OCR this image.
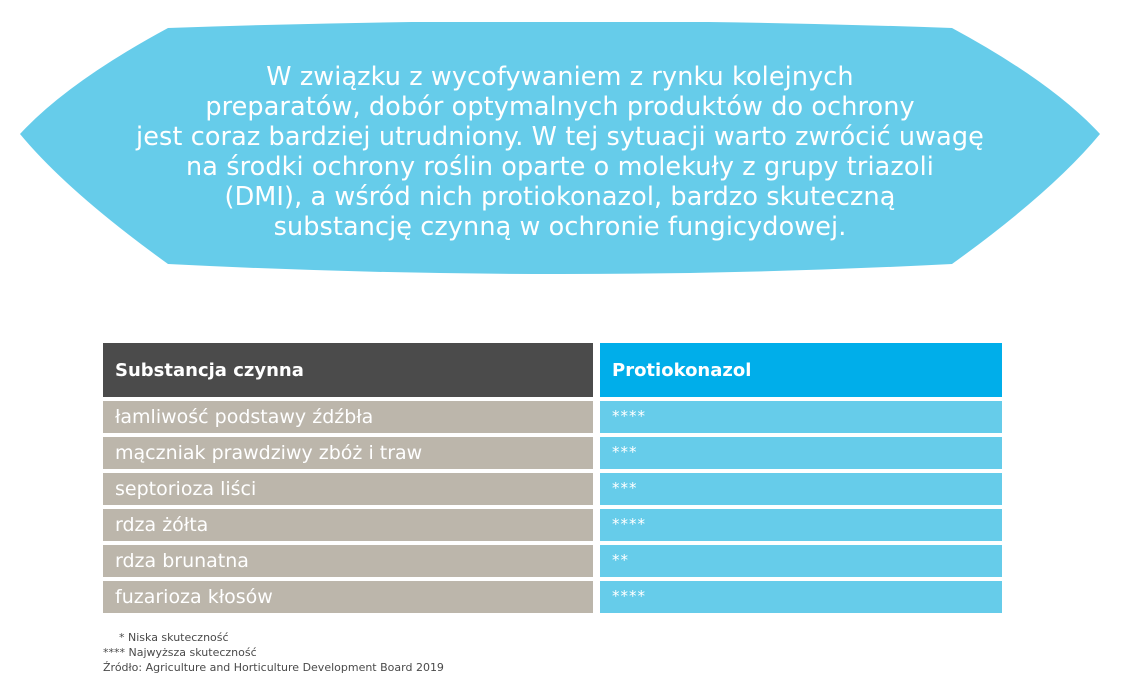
W związku z wycofywaniem z rynku kolejnych
preparatów, dobór optymalnych produktów do ochrony
jest coraz bardziej utrudniony. W tej sytuacji warto zwrócić uwagę
na środki ochrony roślin oparte o molekuły z grupy triazoli
(DMI), a wśród nich protiokonazol, bardzo skuteczną
substancję czynną w ochronie fungicydowej.
Substancja czynna
łamliwość podstawy źdźbła
mączniak prawdziwy zbóż i traw
septorioza liści
rdza żółta
rdza brunatna
fuzarioza kłosów
Protiokonazol
****
***
***
****
**
****
* Niska skuteczność
**** Najwyższa skuteczność
Źródło: Agriculture and Horticulture Development Board 2019
